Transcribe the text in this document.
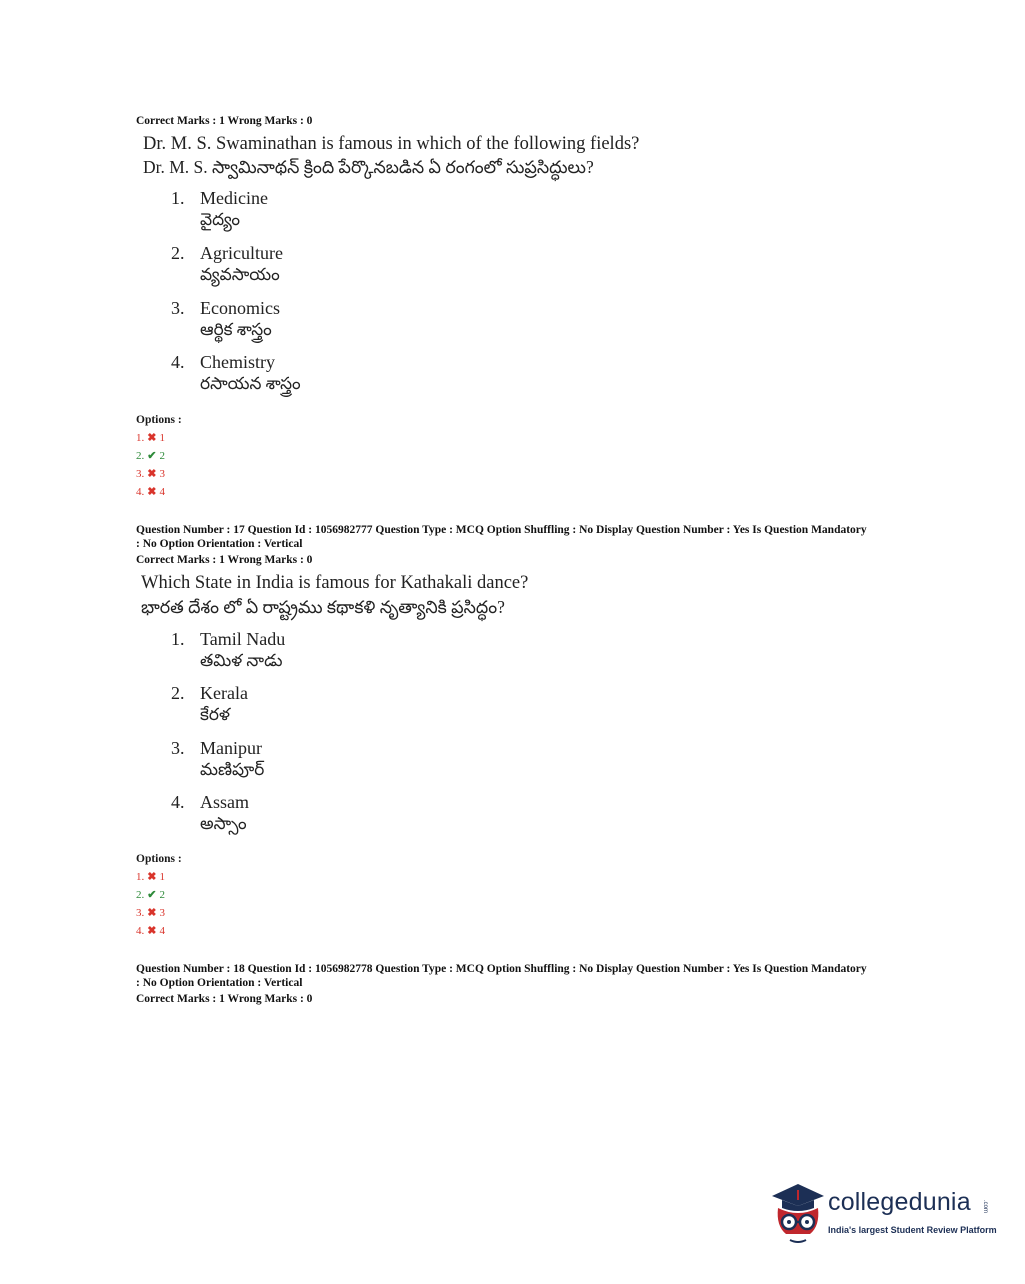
Correct Marks : 1 Wrong Marks : 0
Dr. M. S. Swaminathan is famous in which of the following fields?
Dr. M. S. స్వామినాథన్ క్రింది పేర్కొనబడిన ఏ రంగంలో సుప్రసిద్ధులు?
1. Medicine
వైద్యం
2. Agriculture
వ్యవసాయం
3. Economics
ఆర్థిక శాస్త్రం
4. Chemistry
రసాయన శాస్త్రం
Options :
1. ✖ 1
2. ✔ 2
3. ✖ 3
4. ✖ 4
Question Number : 17 Question Id : 1056982777 Question Type : MCQ Option Shuffling : No Display Question Number : Yes Is Question Mandatory
: No Option Orientation : Vertical
Correct Marks : 1 Wrong Marks : 0
Which State in India is famous for Kathakali dance?
భారత దేశం లో ఏ రాష్ట్రము కథాకళి నృత్యానికి ప్రసిద్ధం?
1. Tamil Nadu
తమిళ నాడు
2. Kerala
కేరళ
3. Manipur
మణిపూర్
4. Assam
అస్సాం
Options :
1. ✖ 1
2. ✔ 2
3. ✖ 3
4. ✖ 4
Question Number : 18 Question Id : 1056982778 Question Type : MCQ Option Shuffling : No Display Question Number : Yes Is Question Mandatory
: No Option Orientation : Vertical
Correct Marks : 1 Wrong Marks : 0
collegedunia .com
India's largest Student Review Platform
